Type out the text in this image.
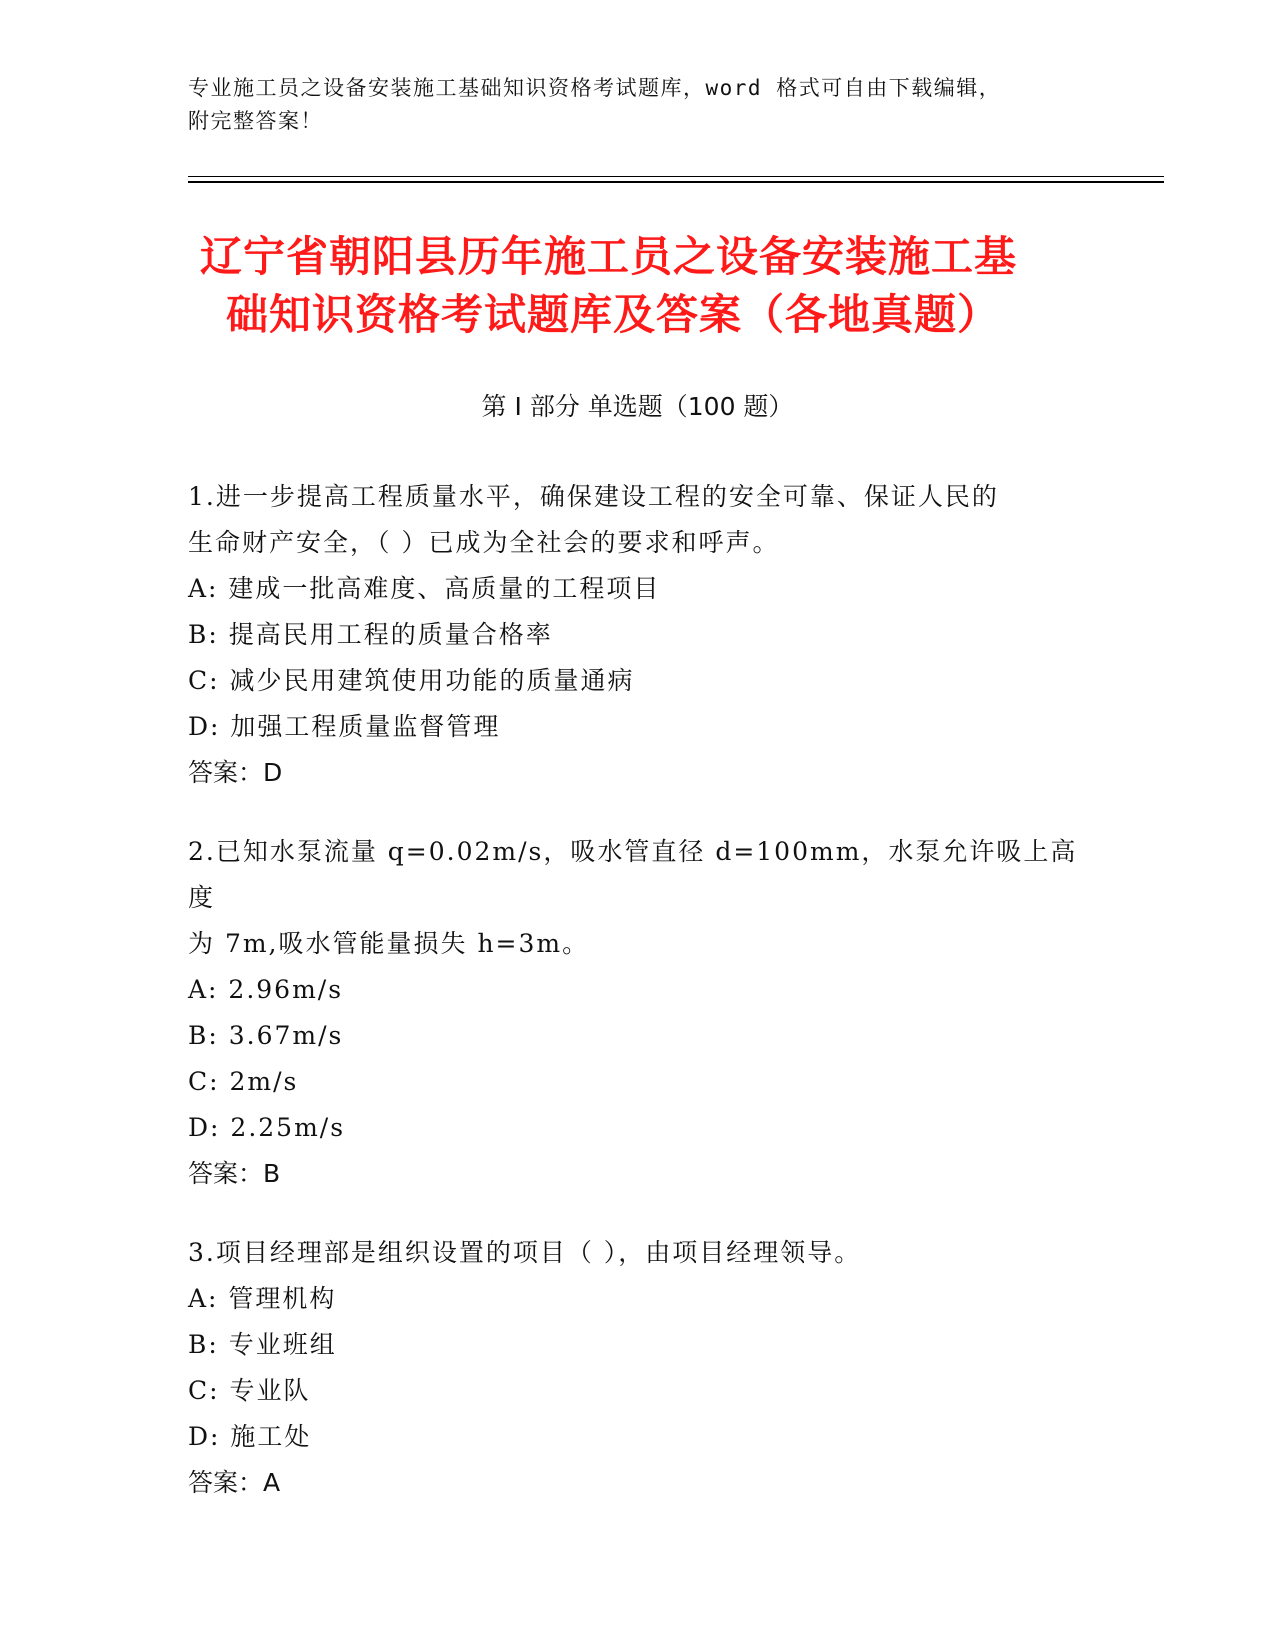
专业施工员之设备安装施工基础知识资格考试题库，word 格式可自由下载编辑，
附完整答案！
辽宁省朝阳县历年施工员之设备安装施工基
础知识资格考试题库及答案（各地真题）
第 I 部分 单选题（100 题）
1.进一步提高工程质量水平，确保建设工程的安全可靠、保证人民的
生命财产安全，（ ）已成为全社会的要求和呼声。
A: 建成一批高难度、高质量的工程项目
B: 提高民用工程的质量合格率
C: 减少民用建筑使用功能的质量通病
D: 加强工程质量监督管理
答案：D
2.已知水泵流量 q=0.02m/s，吸水管直径 d=100mm，水泵允许吸上高度
为 7m,吸水管能量损失 h=3m。
A: 2.96m/s
B: 3.67m/s
C: 2m/s
D: 2.25m/s
答案：B
3.项目经理部是组织设置的项目（ ），由项目经理领导。
A: 管理机构
B: 专业班组
C: 专业队
D: 施工处
答案：A
